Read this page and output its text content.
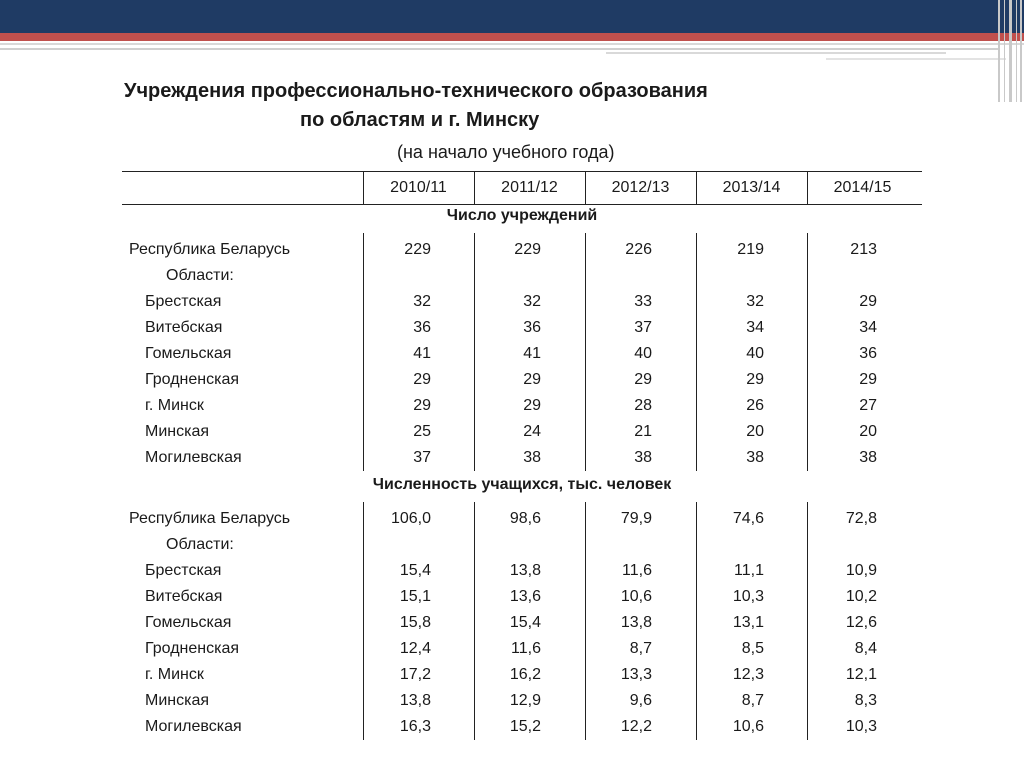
Учреждения профессионально-технического образования
по областям и г. Минску
(на начало учебного года)
2010/11	2011/12	2012/13	2013/14	2014/15
Число учреждений
Республика Беларусь	229	229	226	219	213
Области:
Брестская	32	32	33	32	29
Витебская	36	36	37	34	34
Гомельская	41	41	40	40	36
Гродненская	29	29	29	29	29
г. Минск	29	29	28	26	27
Минская	25	24	21	20	20
Могилевская	37	38	38	38	38
Численность учащихся, тыс. человек
Республика Беларусь	106,0	98,6	79,9	74,6	72,8
Области:
Брестская	15,4	13,8	11,6	11,1	10,9
Витебская	15,1	13,6	10,6	10,3	10,2
Гомельская	15,8	15,4	13,8	13,1	12,6
Гродненская	12,4	11,6	8,7	8,5	8,4
г. Минск	17,2	16,2	13,3	12,3	12,1
Минская	13,8	12,9	9,6	8,7	8,3
Могилевская	16,3	15,2	12,2	10,6	10,3
